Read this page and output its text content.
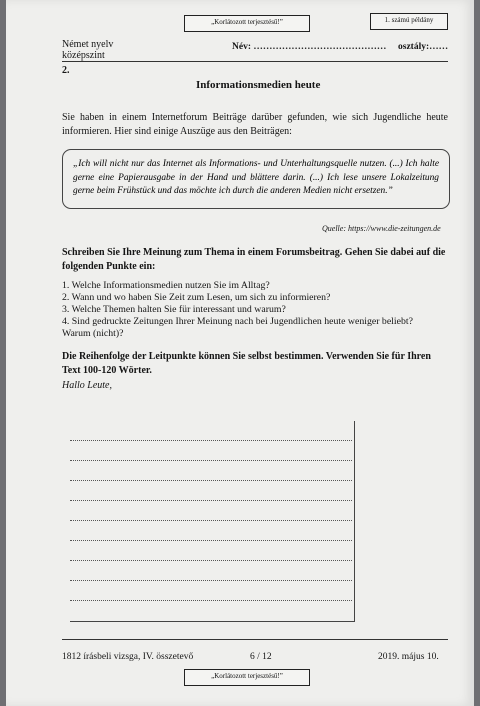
„Korlátozott terjesztésű!”	1. számú példány
Német nyelv
középszint
Név: …………………………………… osztály:……
2.
Informationsmedien heute
Sie haben in einem Internetforum Beiträge darüber gefunden, wie sich Jugendliche heute informieren. Hier sind einige Auszüge aus den Beiträgen:

„Ich will nicht nur das Internet als Informations- und Unterhaltungsquelle nutzen. (...) Ich halte gerne eine Papierausgabe in der Hand und blättere darin. (...) Ich lese unsere Lokalzeitung gerne beim Frühstück und das möchte ich durch die anderen Medien nicht ersetzen.”

Quelle: https://www.die-zeitungen.de
Schreiben Sie Ihre Meinung zum Thema in einem Forumsbeitrag. Gehen Sie dabei auf die folgenden Punkte ein:
1. Welche Informationsmedien nutzen Sie im Alltag?
2. Wann und wo haben Sie Zeit zum Lesen, um sich zu informieren?
3. Welche Themen halten Sie für interessant und warum?
4. Sind gedruckte Zeitungen Ihrer Meinung nach bei Jugendlichen heute weniger beliebt?
Warum (nicht)?
Die Reihenfolge der Leitpunkte können Sie selbst bestimmen. Verwenden Sie für Ihren Text 100-120 Wörter.
Hallo Leute,
1812 írásbeli vizsga, IV. összetevő	6 / 12	2019. május 10.
„Korlátozott terjesztésű!”
